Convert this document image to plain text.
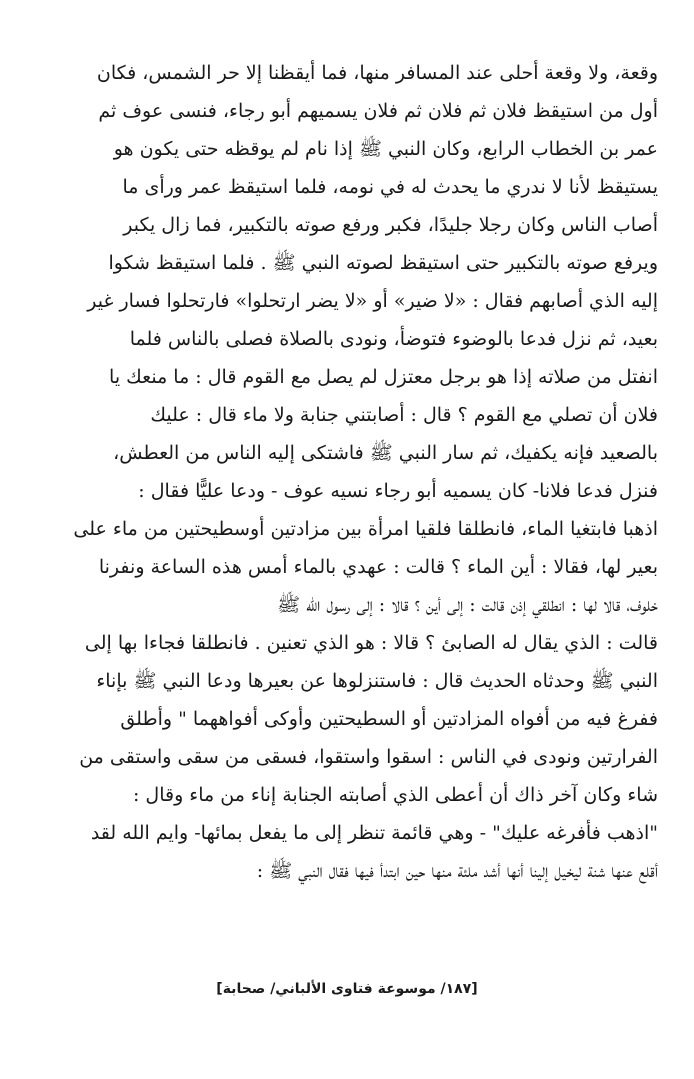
وقعة، ولا وقعة أحلى عند المسافر منها، فما أيقظنا إلا حر الشمس، فكان
أول من استيقظ فلان ثم فلان ثم فلان يسميهم أبو رجاء، فنسى عوف ثم
عمر بن الخطاب الرابع، وكان النبي ﷺ إذا نام لم يوقظه حتى يكون هو
يستيقظ لأنا لا ندري ما يحدث له في نومه، فلما استيقظ عمر ورأى ما
أصاب الناس وكان رجلا جليدًا، فكبر ورفع صوته بالتكبير، فما زال يكبر
ويرفع صوته بالتكبير حتى استيقظ لصوته النبي ﷺ . فلما استيقظ شكوا
إليه الذي أصابهم فقال : «لا ضير» أو «لا يضر ارتحلوا» فارتحلوا فسار غير
بعيد، ثم نزل فدعا بالوضوء فتوضأ، ونودى بالصلاة فصلى بالناس فلما
انفتل من صلاته إذا هو برجل معتزل لم يصل مع القوم قال : ما منعك يا
فلان أن تصلي مع القوم ؟ قال : أصابتني جنابة ولا ماء قال : عليك
بالصعيد فإنه يكفيك، ثم سار النبي ﷺ فاشتكى إليه الناس من العطش،
فنزل فدعا فلانا- كان يسميه أبو رجاء نسيه عوف - ودعا عليًّا فقال :
اذهبا فابتغيا الماء، فانطلقا فلقيا امرأة بين مزادتين أوسطيحتين من ماء على
بعير لها، فقالا : أين الماء ؟ قالت : عهدي بالماء أمس هذه الساعة ونفرنا
خلوف، قالا لها : انطلقي إذن قالت : إلى أين ؟ قالا : إلى رسول الله ﷺ
قالت : الذي يقال له الصابئ ؟ قالا : هو الذي تعنين . فانطلقا فجاءا بها إلى
النبي ﷺ وحدثاه الحديث قال : فاستنزلوها عن بعيرها ودعا النبي ﷺ بإناء
ففرغ فيه من أفواه المزادتين أو السطيحتين وأوكى أفواههما " وأطلق
الفرارتين ونودى في الناس : اسقوا واستقوا، فسقى من سقى واستقى من
شاء وكان آخر ذاك أن أعطى الذي أصابته الجنابة إناء من ماء وقال :
"اذهب فأفرغه عليك" - وهي قائمة تنظر إلى ما يفعل بمائها- وايم الله لقد
أقلع عنها شنة ليخيل إلينا أنها أشد ملئة منها حين ابتدأ فيها فقال النبي ﷺ :
[١٨٧/ موسوعة فتاوى الألباني/ صحابة]
